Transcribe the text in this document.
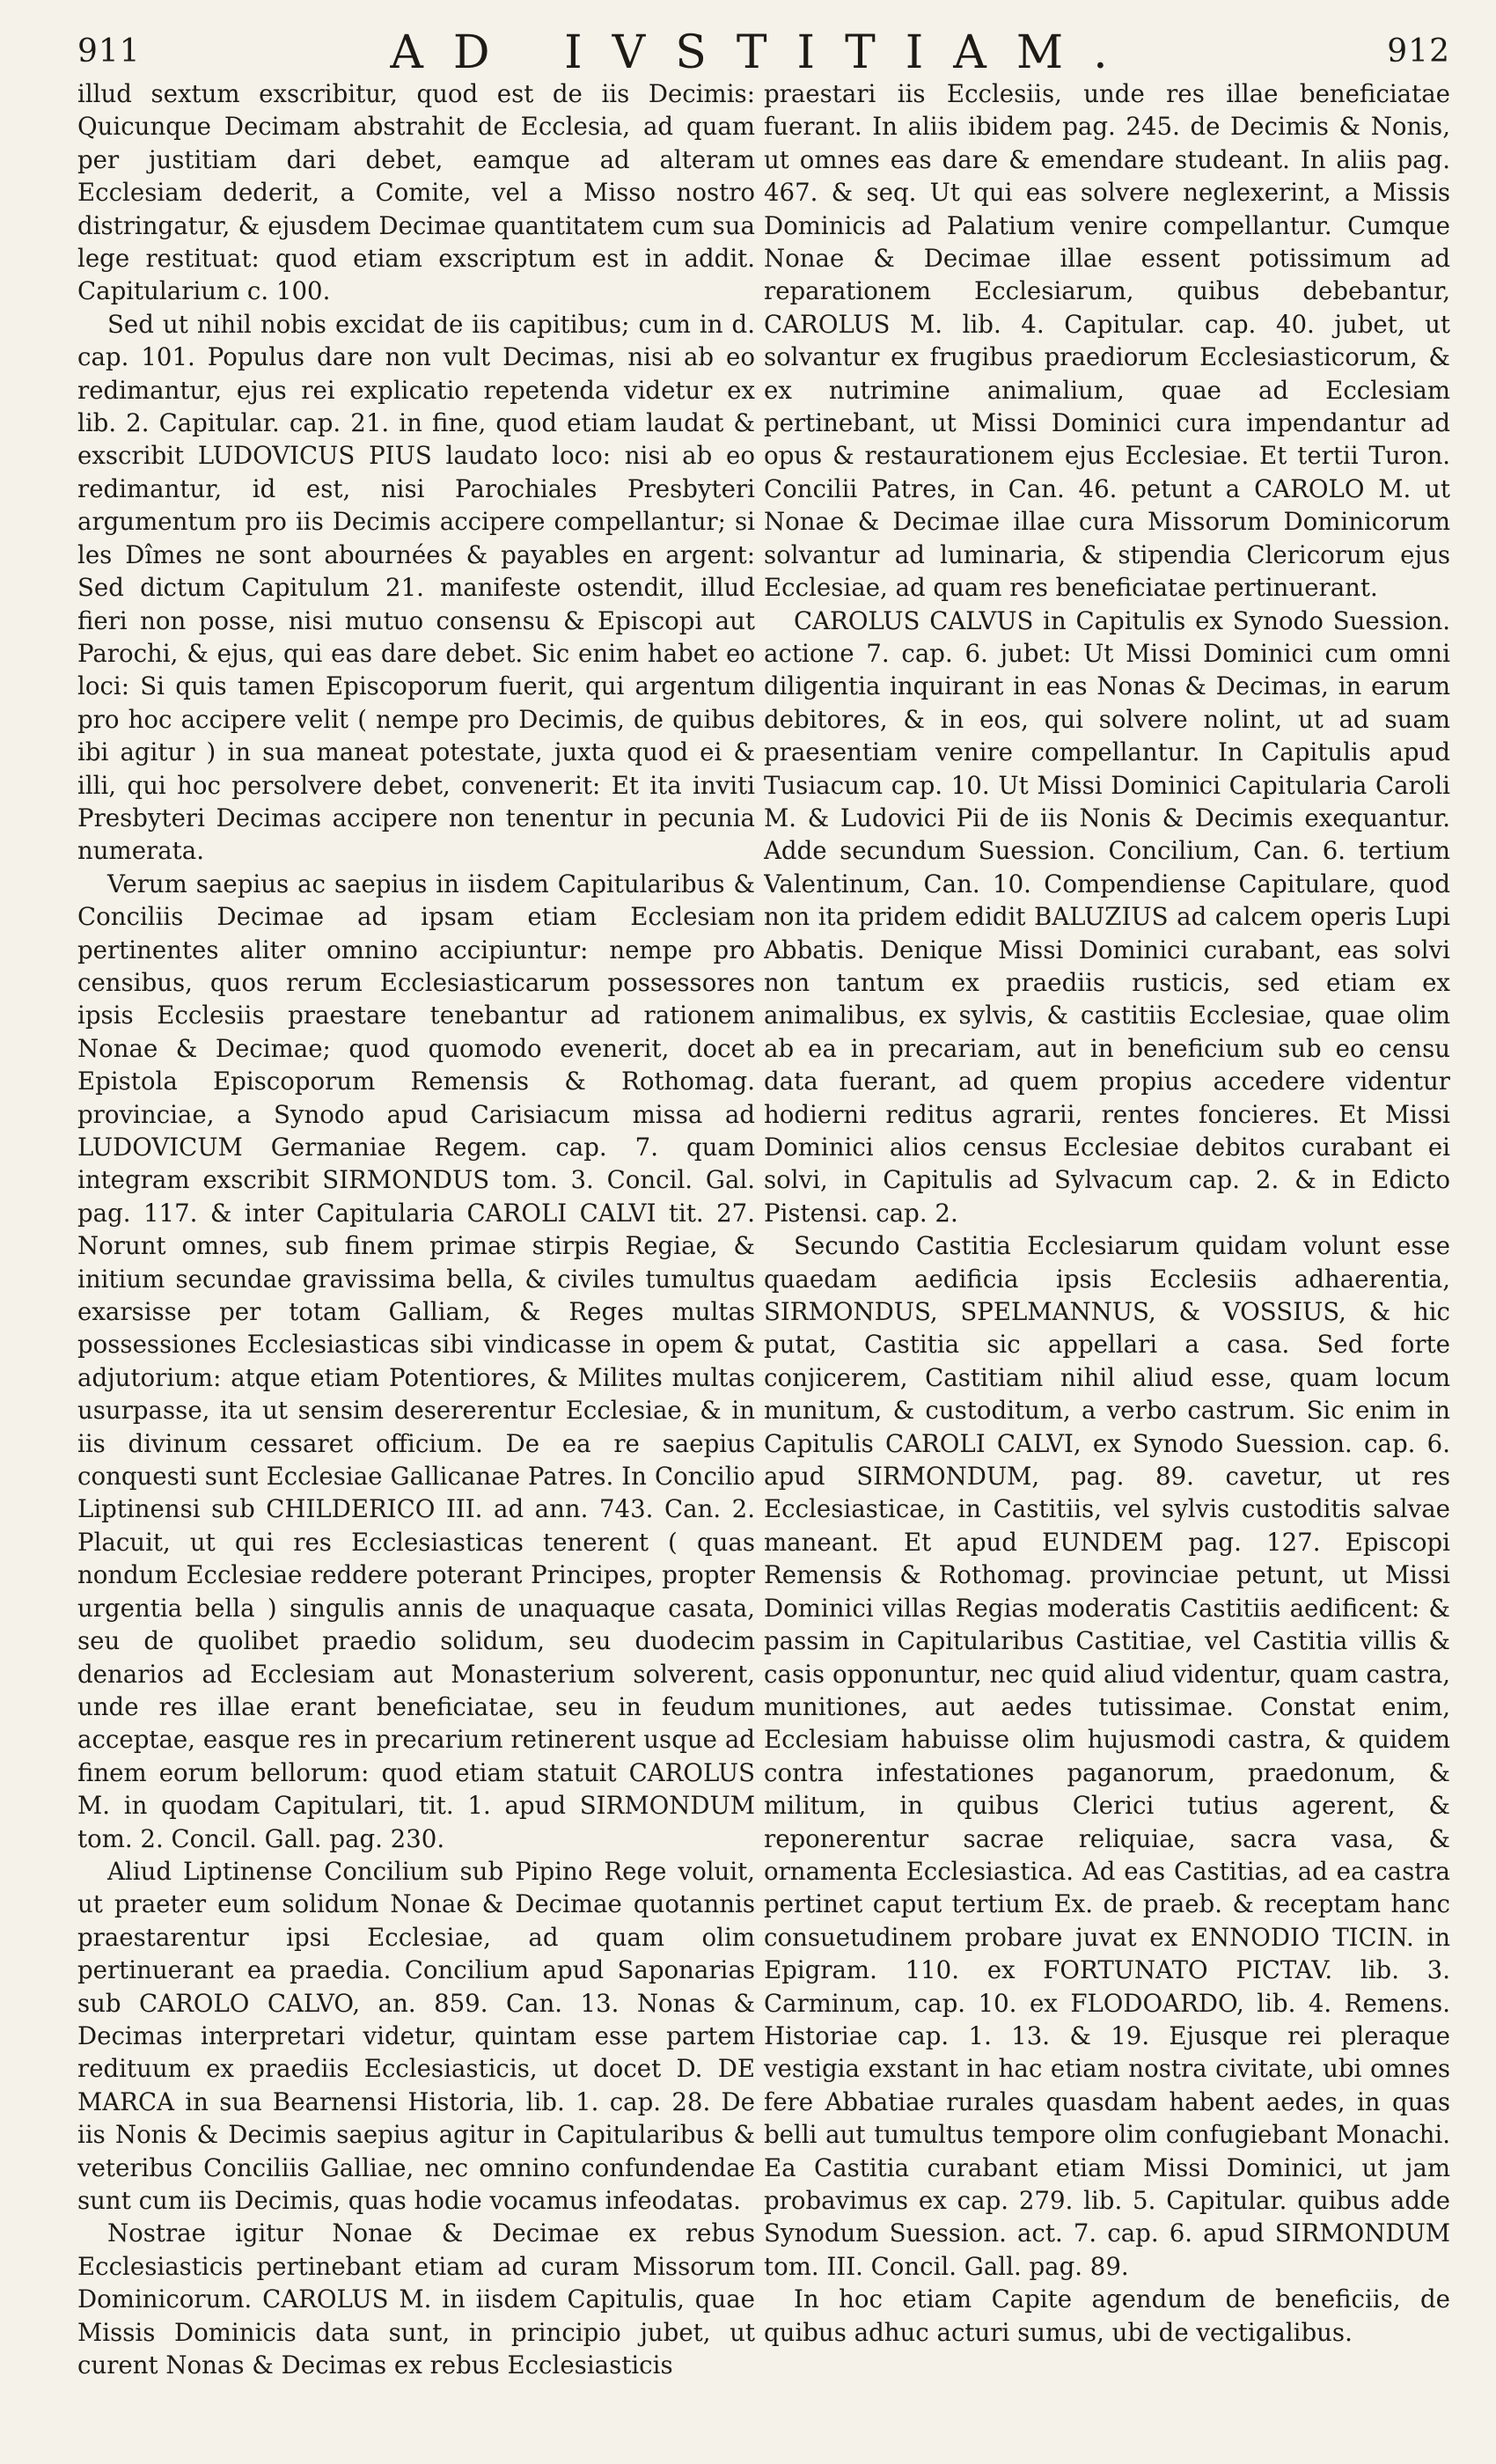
911	AD IVSTITIAM.	912

illud sextum exscribitur, quod est de iis Decimis: Quicunque Decimam abstrahit de Ecclesia, ad quam per justitiam dari debet, eamque ad alteram Ecclesiam dederit, a Comite, vel a Misso nostro distringatur, & ejusdem Decimae quantitatem cum sua lege restituat: quod etiam exscriptum est in addit. Capitularium c. 100.

Sed ut nihil nobis excidat de iis capitibus; cum in d. cap. 101. Populus dare non vult Decimas, nisi ab eo redimantur, ejus rei explicatio repetenda videtur ex lib. 2. Capitular. cap. 21. in fine, quod etiam laudat & exscribit LUDOVICUS PIUS laudato loco: nisi ab eo redimantur, id est, nisi Parochiales Presbyteri argumentum pro iis Decimis accipere compellantur; si les Dîmes ne sont abournées & payables en argent: Sed dictum Capitulum 21. manifeste ostendit, illud fieri non posse, nisi mutuo consensu & Episcopi aut Parochi, & ejus, qui eas dare debet. Sic enim habet eo loci: Si quis tamen Episcoporum fuerit, qui argentum pro hoc accipere velit ( nempe pro Decimis, de quibus ibi agitur ) in sua maneat potestate, juxta quod ei & illi, qui hoc persolvere debet, convenerit: Et ita inviti Presbyteri Decimas accipere non tenentur in pecunia numerata.

Verum saepius ac saepius in iisdem Capitularibus & Conciliis Decimae ad ipsam etiam Ecclesiam pertinentes aliter omnino accipiuntur: nempe pro censibus, quos rerum Ecclesiasticarum possessores ipsis Ecclesiis praestare tenebantur ad rationem Nonae & Decimae; quod quomodo evenerit, docet Epistola Episcoporum Remensis & Rothomag. provinciae, a Synodo apud Carisiacum missa ad LUDOVICUM Germaniae Regem. cap. 7. quam integram exscribit SIRMONDUS tom. 3. Concil. Gal. pag. 117. & inter Capitularia CAROLI CALVI tit. 27. Norunt omnes, sub finem primae stirpis Regiae, & initium secundae gravissima bella, & civiles tumultus exarsisse per totam Galliam, & Reges multas possessiones Ecclesiasticas sibi vindicasse in opem & adjutorium: atque etiam Potentiores, & Milites multas usurpasse, ita ut sensim desererentur Ecclesiae, & in iis divinum cessaret officium. De ea re saepius conquesti sunt Ecclesiae Gallicanae Patres. In Concilio Liptinensi sub CHILDERICO III. ad ann. 743. Can. 2. Placuit, ut qui res Ecclesiasticas tenerent ( quas nondum Ecclesiae reddere poterant Principes, propter urgentia bella ) singulis annis de unaquaque casata, seu de quolibet praedio solidum, seu duodecim denarios ad Ecclesiam aut Monasterium solverent, unde res illae erant beneficiatae, seu in feudum acceptae, easque res in precarium retinerent usque ad finem eorum bellorum: quod etiam statuit CAROLUS M. in quodam Capitulari, tit. 1. apud SIRMONDUM tom. 2. Concil. Gall. pag. 230.

Aliud Liptinense Concilium sub Pipino Rege voluit, ut praeter eum solidum Nonae & Decimae quotannis praestarentur ipsi Ecclesiae, ad quam olim pertinuerant ea praedia. Concilium apud Saponarias sub CAROLO CALVO, an. 859. Can. 13. Nonas & Decimas interpretari videtur, quintam esse partem redituum ex praediis Ecclesiasticis, ut docet D. DE MARCA in sua Bearnensi Historia, lib. 1. cap. 28. De iis Nonis & Decimis saepius agitur in Capitularibus & veteribus Conciliis Galliae, nec omnino confundendae sunt cum iis Decimis, quas hodie vocamus infeodatas.

Nostrae igitur Nonae & Decimae ex rebus Ecclesiasticis pertinebant etiam ad curam Missorum Dominicorum. CAROLUS M. in iisdem Capitulis, quae Missis Dominicis data sunt, in principio jubet, ut curent Nonas & Decimas ex rebus Ecclesiasticis

praestari iis Ecclesiis, unde res illae beneficiatae fuerant. In aliis ibidem pag. 245. de Decimis & Nonis, ut omnes eas dare & emendare studeant. In aliis pag. 467. & seq. Ut qui eas solvere neglexerint, a Missis Dominicis ad Palatium venire compellantur. Cumque Nonae & Decimae illae essent potissimum ad reparationem Ecclesiarum, quibus debebantur, CAROLUS M. lib. 4. Capitular. cap. 40. jubet, ut solvantur ex frugibus praediorum Ecclesiasticorum, & ex nutrimine animalium, quae ad Ecclesiam pertinebant, ut Missi Dominici cura impendantur ad opus & restaurationem ejus Ecclesiae. Et tertii Turon. Concilii Patres, in Can. 46. petunt a CAROLO M. ut Nonae & Decimae illae cura Missorum Dominicorum solvantur ad luminaria, & stipendia Clericorum ejus Ecclesiae, ad quam res beneficiatae pertinuerant.

CAROLUS CALVUS in Capitulis ex Synodo Suession. actione 7. cap. 6. jubet: Ut Missi Dominici cum omni diligentia inquirant in eas Nonas & Decimas, in earum debitores, & in eos, qui solvere nolint, ut ad suam praesentiam venire compellantur. In Capitulis apud Tusiacum cap. 10. Ut Missi Dominici Capitularia Caroli M. & Ludovici Pii de iis Nonis & Decimis exequantur. Adde secundum Suession. Concilium, Can. 6. tertium Valentinum, Can. 10. Compendiense Capitulare, quod non ita pridem edidit BALUZIUS ad calcem operis Lupi Abbatis. Denique Missi Dominici curabant, eas solvi non tantum ex praediis rusticis, sed etiam ex animalibus, ex sylvis, & castitiis Ecclesiae, quae olim ab ea in precariam, aut in beneficium sub eo censu data fuerant, ad quem propius accedere videntur hodierni reditus agrarii, rentes foncieres. Et Missi Dominici alios census Ecclesiae debitos curabant ei solvi, in Capitulis ad Sylvacum cap. 2. & in Edicto Pistensi. cap. 2.

Secundo Castitia Ecclesiarum quidam volunt esse quaedam aedificia ipsis Ecclesiis adhaerentia, SIRMONDUS, SPELMANNUS, & VOSSIUS, & hic putat, Castitia sic appellari a casa. Sed forte conjicerem, Castitiam nihil aliud esse, quam locum munitum, & custoditum, a verbo castrum. Sic enim in Capitulis CAROLI CALVI, ex Synodo Suession. cap. 6. apud SIRMONDUM, pag. 89. cavetur, ut res Ecclesiasticae, in Castitiis, vel sylvis custoditis salvae maneant. Et apud EUNDEM pag. 127. Episcopi Remensis & Rothomag. provinciae petunt, ut Missi Dominici villas Regias moderatis Castitiis aedificent: & passim in Capitularibus Castitiae, vel Castitia villis & casis opponuntur, nec quid aliud videntur, quam castra, munitiones, aut aedes tutissimae. Constat enim, Ecclesiam habuisse olim hujusmodi castra, & quidem contra infestationes paganorum, praedonum, & militum, in quibus Clerici tutius agerent, & reponerentur sacrae reliquiae, sacra vasa, & ornamenta Ecclesiastica. Ad eas Castitias, ad ea castra pertinet caput tertium Ex. de praeb. & receptam hanc consuetudinem probare juvat ex ENNODIO TICIN. in Epigram. 110. ex FORTUNATO PICTAV. lib. 3. Carminum, cap. 10. ex FLODOARDO, lib. 4. Remens. Historiae cap. 1. 13. & 19. Ejusque rei pleraque vestigia exstant in hac etiam nostra civitate, ubi omnes fere Abbatiae rurales quasdam habent aedes, in quas belli aut tumultus tempore olim confugiebant Monachi. Ea Castitia curabant etiam Missi Dominici, ut jam probavimus ex cap. 279. lib. 5. Capitular. quibus adde Synodum Suession. act. 7. cap. 6. apud SIRMONDUM tom. III. Concil. Gall. pag. 89.

In hoc etiam Capite agendum de beneficiis, de quibus adhuc acturi sumus, ubi de vectigalibus.
